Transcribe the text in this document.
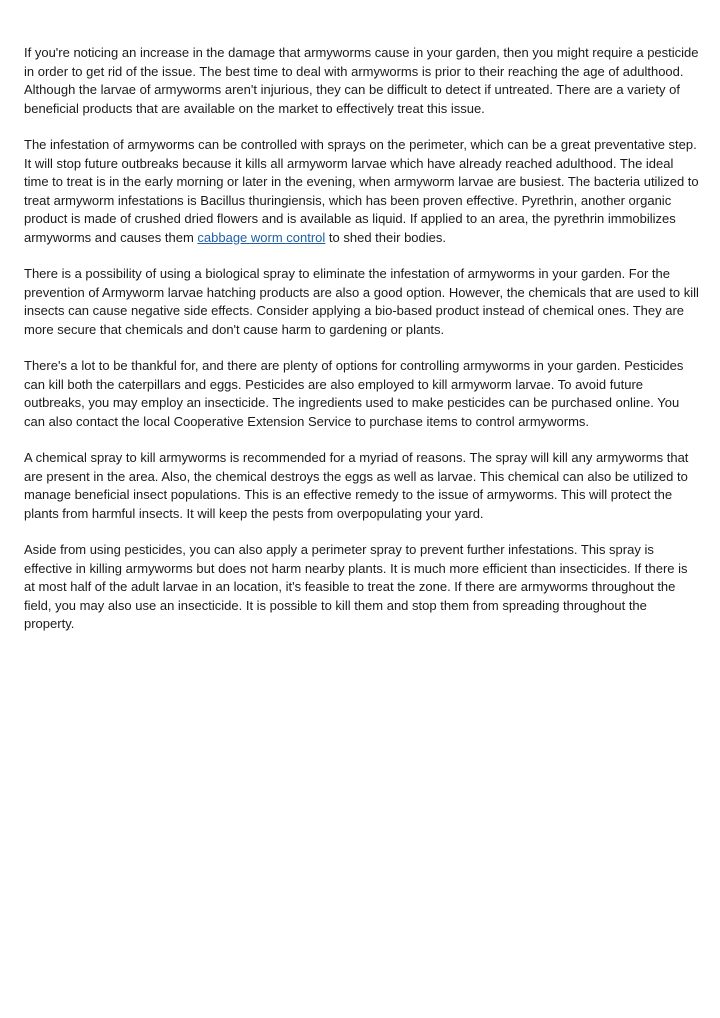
If you're noticing an increase in the damage that armyworms cause in your garden, then you might require a pesticide in order to get rid of the issue. The best time to deal with armyworms is prior to their reaching the age of adulthood. Although the larvae of armyworms aren't injurious, they can be difficult to detect if untreated. There are a variety of beneficial products that are available on the market to effectively treat this issue.

The infestation of armyworms can be controlled with sprays on the perimeter, which can be a great preventative step. It will stop future outbreaks because it kills all armyworm larvae which have already reached adulthood. The ideal time to treat is in the early morning or later in the evening, when armyworm larvae are busiest. The bacteria utilized to treat armyworm infestations is Bacillus thuringiensis, which has been proven effective. Pyrethrin, another organic product is made of crushed dried flowers and is available as liquid. If applied to an area, the pyrethrin immobilizes armyworms and causes them cabbage worm control to shed their bodies.

There is a possibility of using a biological spray to eliminate the infestation of armyworms in your garden. For the prevention of Armyworm larvae hatching products are also a good option. However, the chemicals that are used to kill insects can cause negative side effects. Consider applying a bio-based product instead of chemical ones. They are more secure that chemicals and don't cause harm to gardening or plants.

There's a lot to be thankful for, and there are plenty of options for controlling armyworms in your garden. Pesticides can kill both the caterpillars and eggs. Pesticides are also employed to kill armyworm larvae. To avoid future outbreaks, you may employ an insecticide. The ingredients used to make pesticides can be purchased online. You can also contact the local Cooperative Extension Service to purchase items to control armyworms.

A chemical spray to kill armyworms is recommended for a myriad of reasons. The spray will kill any armyworms that are present in the area. Also, the chemical destroys the eggs as well as larvae. This chemical can also be utilized to manage beneficial insect populations. This is an effective remedy to the issue of armyworms. This will protect the plants from harmful insects. It will keep the pests from overpopulating your yard.

Aside from using pesticides, you can also apply a perimeter spray to prevent further infestations. This spray is effective in killing armyworms but does not harm nearby plants. It is much more efficient than insecticides. If there is at most half of the adult larvae in an location, it's feasible to treat the zone. If there are armyworms throughout the field, you may also use an insecticide. It is possible to kill them and stop them from spreading throughout the property.
